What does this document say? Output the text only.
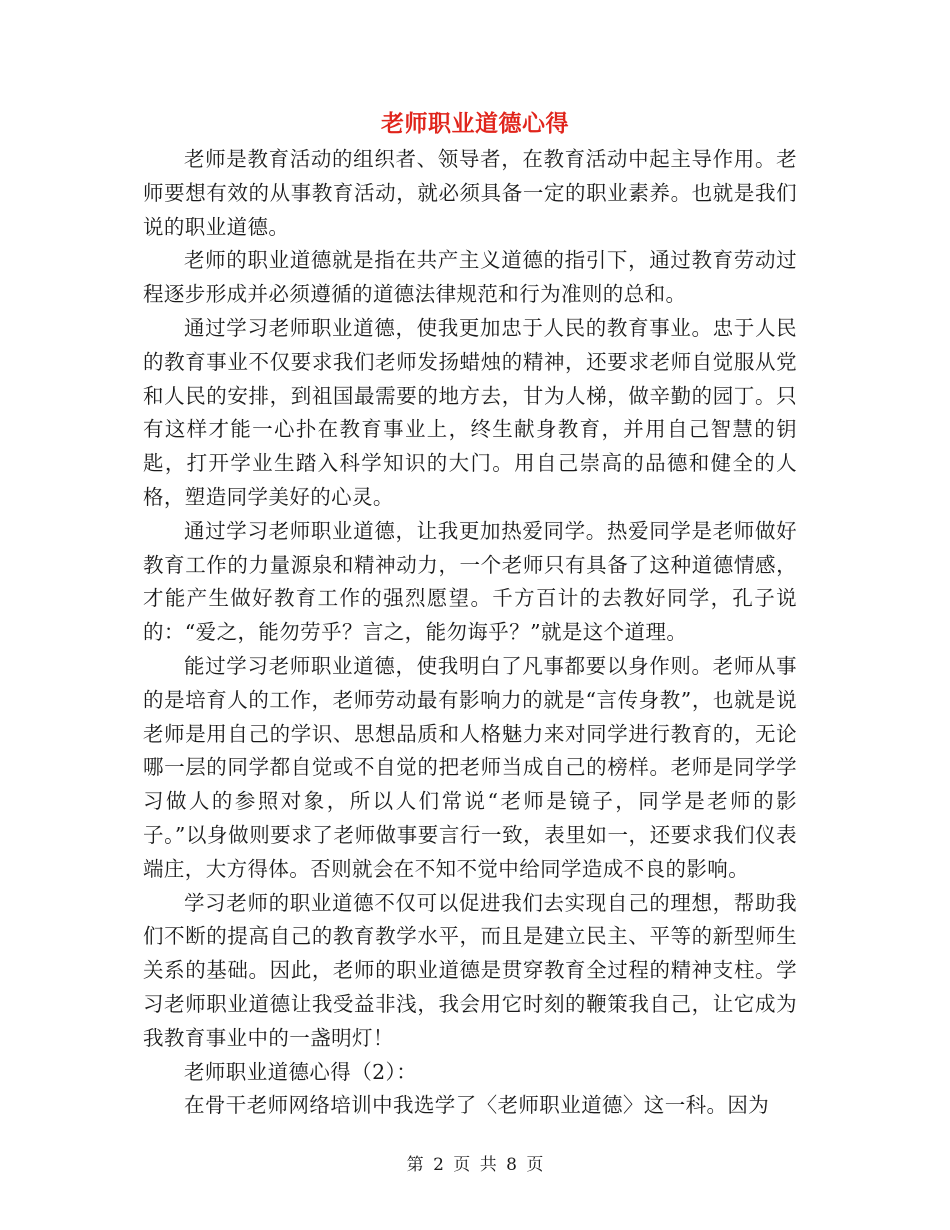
老师职业道德心得

老师是教育活动的组织者、领导者，在教育活动中起主导作用。老师要想有效的从事教育活动，就必须具备一定的职业素养。也就是我们说的职业道德。

老师的职业道德就是指在共产主义道德的指引下，通过教育劳动过程逐步形成并必须遵循的道德法律规范和行为准则的总和。

通过学习老师职业道德，使我更加忠于人民的教育事业。忠于人民的教育事业不仅要求我们老师发扬蜡烛的精神，还要求老师自觉服从党和人民的安排，到祖国最需要的地方去，甘为人梯，做辛勤的园丁。只有这样才能一心扑在教育事业上，终生献身教育，并用自己智慧的钥匙，打开学业生踏入科学知识的大门。用自己崇高的品德和健全的人格，塑造同学美好的心灵。

通过学习老师职业道德，让我更加热爱同学。热爱同学是老师做好教育工作的力量源泉和精神动力，一个老师只有具备了这种道德情感，才能产生做好教育工作的强烈愿望。千方百计的去教好同学，孔子说的：“爱之，能勿劳乎？言之，能勿诲乎？”就是这个道理。

能过学习老师职业道德，使我明白了凡事都要以身作则。老师从事的是培育人的工作，老师劳动最有影响力的就是“言传身教”，也就是说老师是用自己的学识、思想品质和人格魅力来对同学进行教育的，无论哪一层的同学都自觉或不自觉的把老师当成自己的榜样。老师是同学学习做人的参照对象，所以人们常说“老师是镜子，同学是老师的影子。”以身做则要求了老师做事要言行一致，表里如一，还要求我们仪表端庄，大方得体。否则就会在不知不觉中给同学造成不良的影响。

学习老师的职业道德不仅可以促进我们去实现自己的理想，帮助我们不断的提高自己的教育教学水平，而且是建立民主、平等的新型师生关系的基础。因此，老师的职业道德是贯穿教育全过程的精神支柱。学习老师职业道德让我受益非浅，我会用它时刻的鞭策我自己，让它成为我教育事业中的一盏明灯！

老师职业道德心得（2）：

在骨干老师网络培训中我选学了〈老师职业道德〉这一科。因为

第 2 页 共 8 页
